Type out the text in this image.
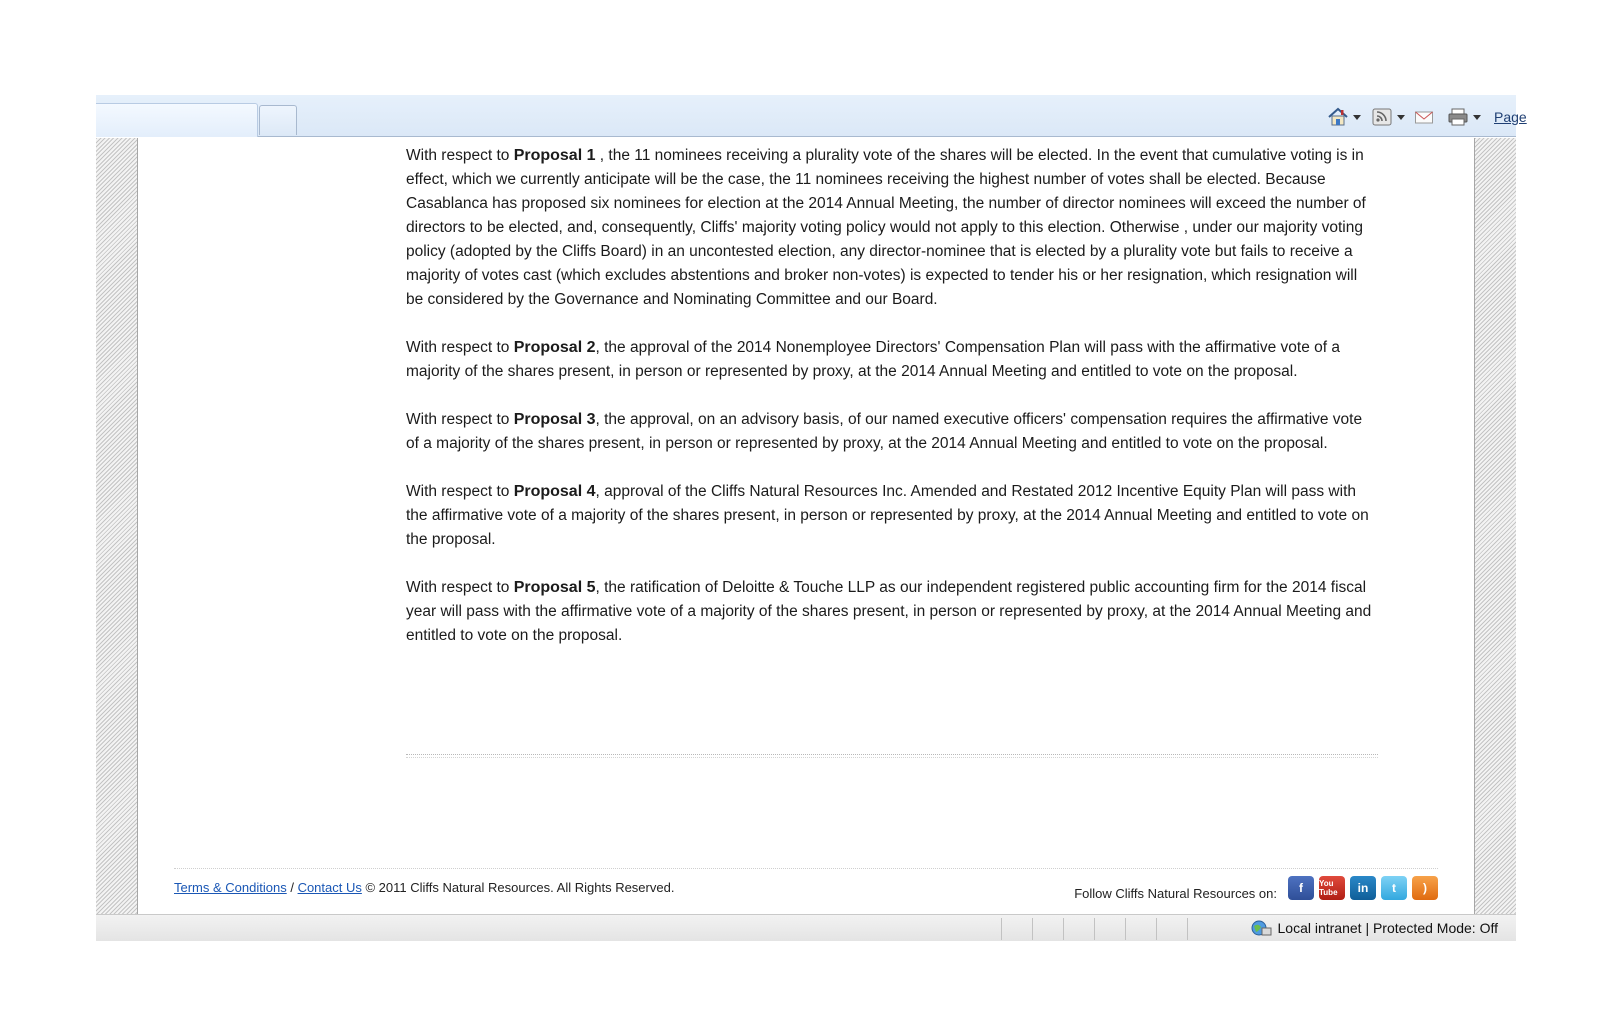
Page

With respect to Proposal 1 , the 11 nominees receiving a plurality vote of the shares will be elected. In the event that cumulative voting is in effect, which we currently anticipate will be the case, the 11 nominees receiving the highest number of votes shall be elected. Because Casablanca has proposed six nominees for election at the 2014 Annual Meeting, the number of director nominees will exceed the number of directors to be elected, and, consequently, Cliffs' majority voting policy would not apply to this election. Otherwise , under our majority voting policy (adopted by the Cliffs Board) in an uncontested election, any director-nominee that is elected by a plurality vote but fails to receive a majority of votes cast (which excludes abstentions and broker non-votes) is expected to tender his or her resignation, which resignation will be considered by the Governance and Nominating Committee and our Board.

With respect to Proposal 2, the approval of the 2014 Nonemployee Directors' Compensation Plan will pass with the affirmative vote of a majority of the shares present, in person or represented by proxy, at the 2014 Annual Meeting and entitled to vote on the proposal.

With respect to Proposal 3, the approval, on an advisory basis, of our named executive officers' compensation requires the affirmative vote of a majority of the shares present, in person or represented by proxy, at the 2014 Annual Meeting and entitled to vote on the proposal.

With respect to Proposal 4, approval of the Cliffs Natural Resources Inc. Amended and Restated 2012 Incentive Equity Plan will pass with the affirmative vote of a majority of the shares present, in person or represented by proxy, at the 2014 Annual Meeting and entitled to vote on the proposal.

With respect to Proposal 5, the ratification of Deloitte & Touche LLP as our independent registered public accounting firm for the 2014 fiscal year will pass with the affirmative vote of a majority of the shares present, in person or represented by proxy, at the 2014 Annual Meeting and entitled to vote on the proposal.

Terms & Conditions / Contact Us © 2011 Cliffs Natural Resources. All Rights Reserved.	Follow Cliffs Natural Resources on:	f	You Tube	in	t	)
Local intranet | Protected Mode: Off
